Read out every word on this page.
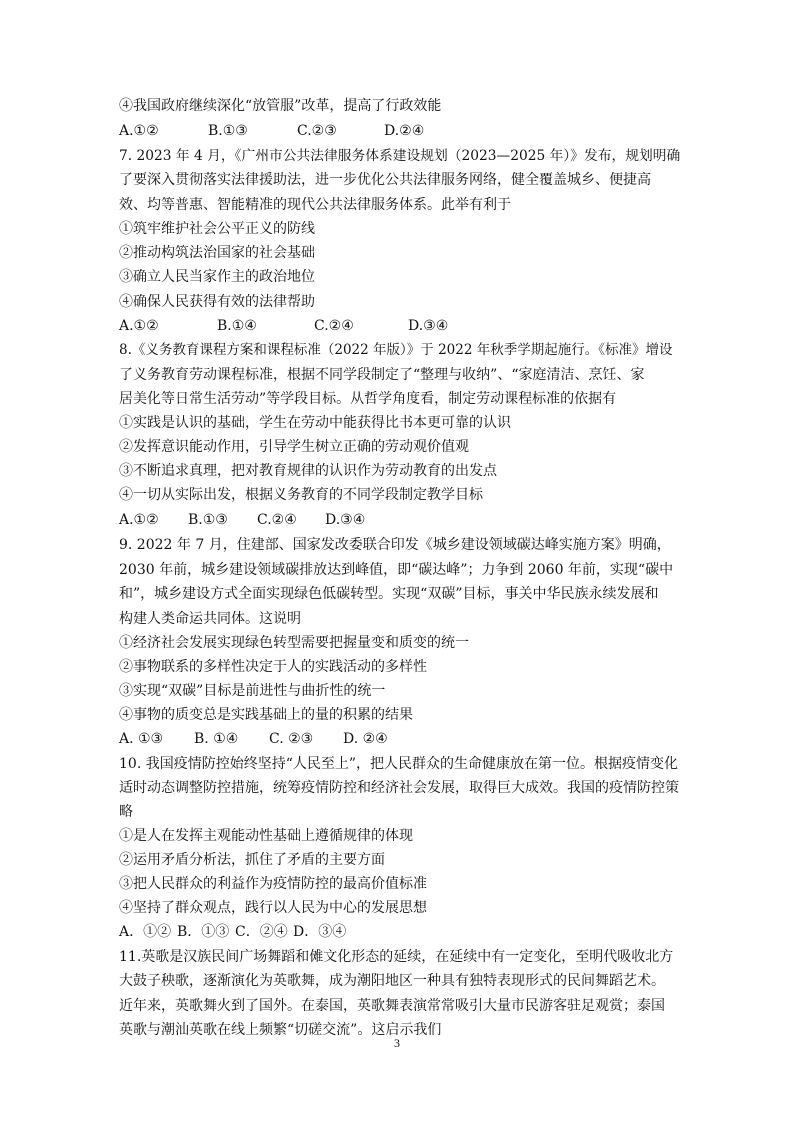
④我国政府继续深化“放管服”改革，提高了行政效能
A.①②	B.①③	C.②③	D.②④
7. 2023 年 4 月，《广州市公共法律服务体系建设规划（2023—2025 年）》发布，规划明确
了要深入贯彻落实法律援助法，进一步优化公共法律服务网络，健全覆盖城乡、便捷高
效、均等普惠、智能精准的现代公共法律服务体系。此举有利于
①筑牢维护社会公平正义的防线
②推动构筑法治国家的社会基础
③确立人民当家作主的政治地位
④确保人民获得有效的法律帮助
A.①②	B.①④	C.②④	D.③④
8.《义务教育课程方案和课程标准（2022 年版）》于 2022 年秋季学期起施行。《标准》增设
了义务教育劳动课程标准，根据不同学段制定了“整理与收纳”、“家庭清洁、烹饪、家
居美化等日常生活劳动”等学段目标。从哲学角度看，制定劳动课程标准的依据有
①实践是认识的基础，学生在劳动中能获得比书本更可靠的认识
②发挥意识能动作用，引导学生树立正确的劳动观价值观
③不断追求真理，把对教育规律的认识作为劳动教育的出发点
④一切从实际出发，根据义务教育的不同学段制定教学目标
A.①②	B.①③	C.②④	D.③④
9. 2022 年 7 月，住建部、国家发改委联合印发《城乡建设领域碳达峰实施方案》明确，
2030 年前，城乡建设领域碳排放达到峰值，即“碳达峰”；力争到 2060 年前，实现“碳中
和”，城乡建设方式全面实现绿色低碳转型。实现“双碳”目标，事关中华民族永续发展和
构建人类命运共同体。这说明
①经济社会发展实现绿色转型需要把握量变和质变的统一
②事物联系的多样性决定于人的实践活动的多样性
③实现“双碳”目标是前进性与曲折性的统一
④事物的质变总是实践基础上的量的积累的结果
A. ①③	B. ①④	C. ②③	D. ②④
10. 我国疫情防控始终坚持“人民至上”，把人民群众的生命健康放在第一位。根据疫情变化
适时动态调整防控措施，统筹疫情防控和经济社会发展，取得巨大成效。我国的疫情防控策
略
①是人在发挥主观能动性基础上遵循规律的体现
②运用矛盾分析法，抓住了矛盾的主要方面
③把人民群众的利益作为疫情防控的最高价值标准
④坚持了群众观点，践行以人民为中心的发展思想
A．①② B．①③ C．②④ D．③④
11.英歌是汉族民间广场舞蹈和傩文化形态的延续，在延续中有一定变化，至明代吸收北方
大鼓子秧歌，逐渐演化为英歌舞，成为潮阳地区一种具有独特表现形式的民间舞蹈艺术。
近年来，英歌舞火到了国外。在泰国，英歌舞表演常常吸引大量市民游客驻足观赏；泰国
英歌与潮汕英歌在线上频繁“切磋交流”。这启示我们
3
